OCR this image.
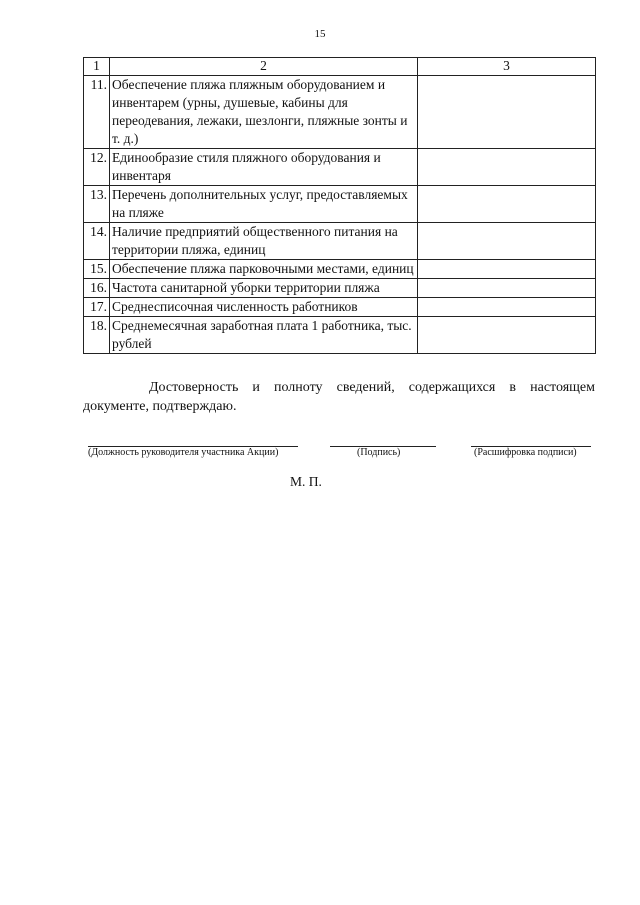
15
1	2	3
11.	Обеспечение пляжа пляжным оборудованием и инвентарем (урны, душевые, кабины для переодевания, лежаки, шезлонги, пляжные зонты и т. д.)	
12.	Единообразие стиля пляжного оборудования и инвентаря	
13.	Перечень дополнительных услуг, предоставляемых на пляже	
14.	Наличие предприятий общественного питания на территории пляжа, единиц	
15.	Обеспечение пляжа парковочными местами, единиц	
16.	Частота санитарной уборки территории пляжа	
17.	Среднесписочная численность работников	
18.	Среднемесячная заработная плата 1 работника, тыс. рублей	
Достоверность и полноту сведений, содержащихся в настоящем документе, подтверждаю.
(Должность руководителя участника Акции)	(Подпись)	(Расшифровка подписи)
М. П.
